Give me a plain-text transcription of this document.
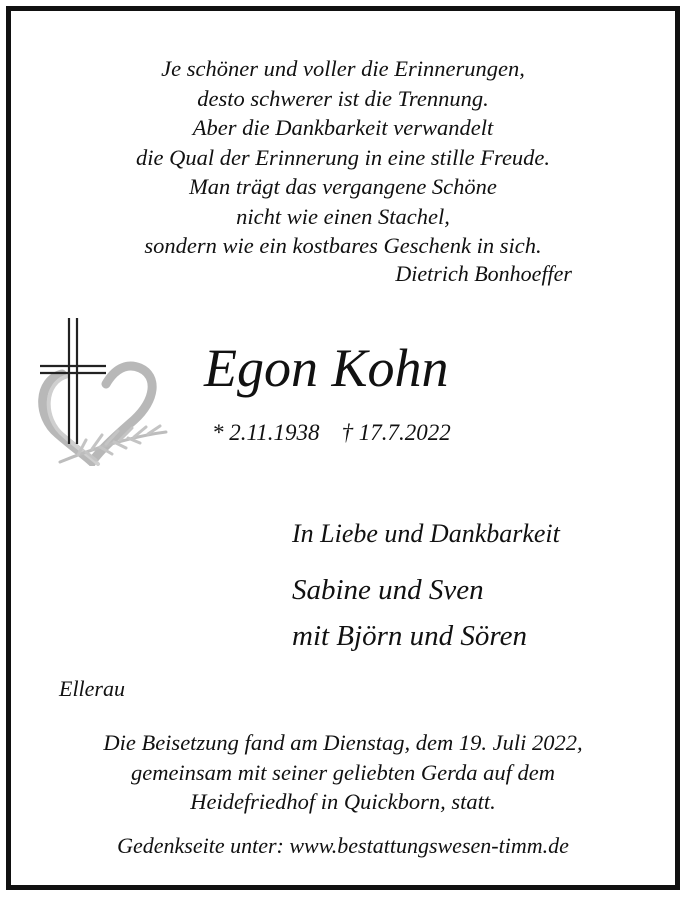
Je schöner und voller die Erinnerungen,
desto schwerer ist die Trennung.
Aber die Dankbarkeit verwandelt
die Qual der Erinnerung in eine stille Freude.
Man trägt das vergangene Schöne
nicht wie einen Stachel,
sondern wie ein kostbares Geschenk in sich.
Dietrich Bonhoeffer
Egon Kohn
* 2.11.1938 † 17.7.2022
In Liebe und Dankbarkeit
Sabine und Sven
mit Björn und Sören
Ellerau
Die Beisetzung fand am Dienstag, dem 19. Juli 2022,
gemeinsam mit seiner geliebten Gerda auf dem
Heidefriedhof in Quickborn, statt.
Gedenkseite unter: www.bestattungswesen-timm.de
